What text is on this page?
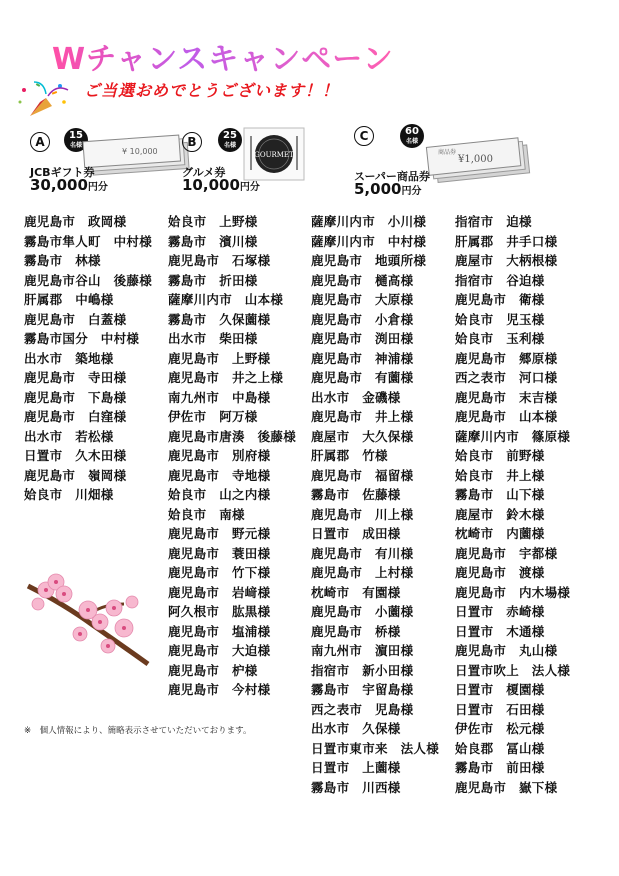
Wチャンスキャンペーン
ご当選おめでとうございます！！
A	15
名様
¥ 10,000
JCBギフト券
30,000円分
B	25
名様
GOURMET
グルメ券
10,000円分
C	60
名様
商品券
¥1,000
スーパー商品券
5,000円分
鹿児島市　政岡様
霧島市隼人町　中村様
霧島市　林様
鹿児島市谷山　後藤様
肝属郡　中嶋様
鹿児島市　白蓋様
霧島市国分　中村様
出水市　築地様
鹿児島市　寺田様
鹿児島市　下島様
鹿児島市　白窪様
出水市　若松様
日置市　久木田様
鹿児島市　嶺岡様
姶良市　川畑様
姶良市　上野様
霧島市　濱川様
鹿児島市　石塚様
霧島市　折田様
薩摩川内市　山本様
霧島市　久保薗様
出水市　柴田様
鹿児島市　上野様
鹿児島市　井之上様
南九州市　中島様
伊佐市　阿万様
鹿児島市唐湊　後藤様
鹿児島市　別府様
鹿児島市　寺地様
姶良市　山之内様
姶良市　南様
鹿児島市　野元様
鹿児島市　蓑田様
鹿児島市　竹下様
鹿児島市　岩﨑様
阿久根市　肱黒様
鹿児島市　塩浦様
鹿児島市　大迫様
鹿児島市　枦様
鹿児島市　今村様
薩摩川内市　小川様
薩摩川内市　中村様
鹿児島市　地頭所様
鹿児島市　樋高様
鹿児島市　大原様
鹿児島市　小倉様
鹿児島市　渕田様
鹿児島市　神浦様
鹿児島市　有薗様
出水市　金磯様
鹿児島市　井上様
鹿屋市　大久保様
肝属郡　竹様
鹿児島市　福留様
霧島市　佐藤様
鹿児島市　川上様
日置市　成田様
鹿児島市　有川様
鹿児島市　上村様
枕崎市　有園様
鹿児島市　小薗様
鹿児島市　桥様
南九州市　濵田様
指宿市　新小田様
霧島市　宇留島様
西之表市　児島様
出水市　久保様
日置市東市来　法人様
日置市　上薗様
霧島市　川西様
指宿市　迫様
肝属郡　井手口様
鹿屋市　大柄根様
指宿市　谷迫様
鹿児島市　衛様
姶良市　児玉様
姶良市　玉利様
鹿児島市　郷原様
西之表市　河口様
鹿児島市　末吉様
鹿児島市　山本様
薩摩川内市　篠原様
姶良市　前野様
姶良市　井上様
霧島市　山下様
鹿屋市　鈴木様
枕崎市　内薗様
鹿児島市　宇都様
鹿児島市　渡様
鹿児島市　内木場様
日置市　赤崎様
日置市　木通様
鹿児島市　丸山様
日置市吹上　法人様
日置市　榎園様
日置市　石田様
伊佐市　松元様
姶良郡　冨山様
霧島市　前田様
鹿児島市　嶽下様
※　個人情報により、簡略表示させていただいております。
